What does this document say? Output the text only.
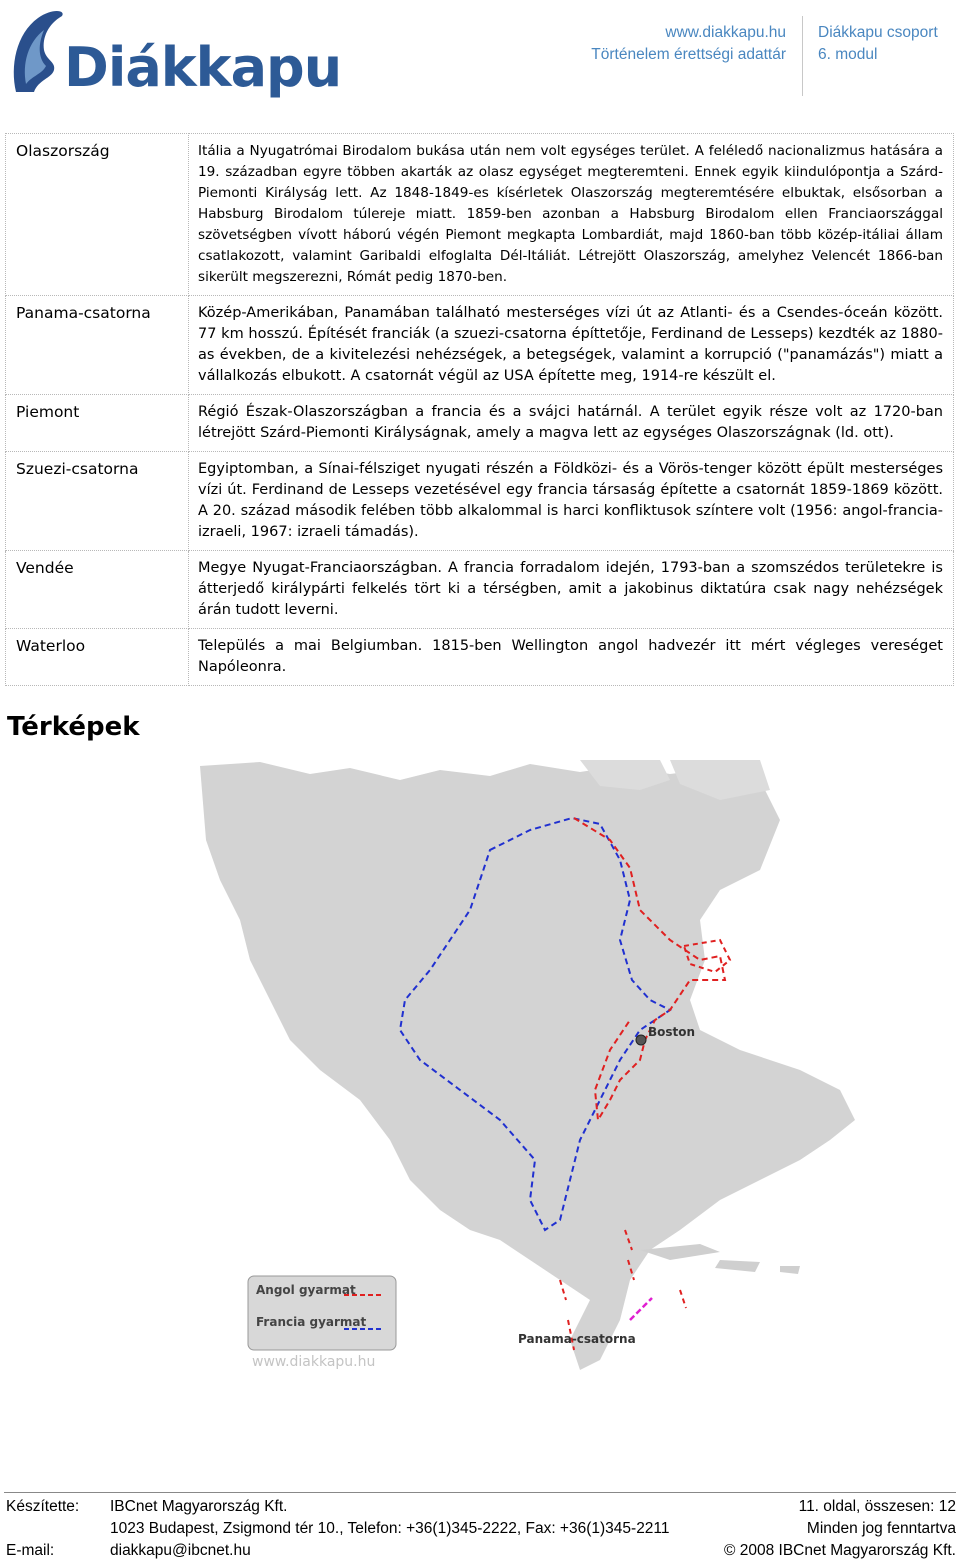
Diákkapu
www.diakkapu.hu
Történelem érettségi adattár
Diákkapu csoport
6. modul
Olaszország	Itália a Nyugatrómai Birodalom bukása után nem volt egységes terület. A feléledő nacionalizmus hatására a 19. században egyre többen akarták az olasz egységet megteremteni. Ennek egyik kiindulópontja a Szárd-Piemonti Királyság lett. Az 1848-1849-es kísérletek Olaszország megteremtésére elbuktak, elsősorban a Habsburg Birodalom túlereje miatt. 1859-ben azonban a Habsburg Birodalom ellen Franciaországgal szövetségben vívott háború végén Piemont megkapta Lombardiát, majd 1860-ban több közép-itáliai állam csatlakozott, valamint Garibaldi elfoglalta Dél-Itáliát. Létrejött Olaszország, amelyhez Velencét 1866-ban sikerült megszerezni, Rómát pedig 1870-ben.
Panama-csatorna	Közép-Amerikában, Panamában található mesterséges vízi út az Atlanti- és a Csendes-óceán között. 77 km hosszú. Építését franciák (a szuezi-csatorna építtetője, Ferdinand de Lesseps) kezdték az 1880-as években, de a kivitelezési nehézségek, a betegségek, valamint a korrupció ("panamázás") miatt a vállalkozás elbukott. A csatornát végül az USA építette meg, 1914-re készült el.
Piemont	Régió Észak-Olaszországban a francia és a svájci határnál. A terület egyik része volt az 1720-ban létrejött Szárd-Piemonti Királyságnak, amely a magva lett az egységes Olaszországnak (ld. ott).
Szuezi-csatorna	Egyiptomban, a Sínai-félsziget nyugati részén a Földközi- és a Vörös-tenger között épült mesterséges vízi út. Ferdinand de Lesseps vezetésével egy francia társaság építette a csatornát 1859-1869 között. A 20. század második felében több alkalommal is harci konfliktusok színtere volt (1956: angol-francia-izraeli, 1967: izraeli támadás).
Vendée	Megye Nyugat-Franciaországban. A francia forradalom idején, 1793-ban a szomszédos területekre is átterjedő királypárti felkelés tört ki a térségben, amit a jakobinus diktatúra csak nagy nehézségek árán tudott leverni.
Waterloo	Település a mai Belgiumban. 1815-ben Wellington angol hadvezér itt mért végleges vereséget Napóleonra.
Térképek
Boston
Panama-csatorna
Angol gyarmat
Francia gyarmat
www.diakkapu.hu
Készítette: IBCnet Magyarország Kft.
1023 Budapest, Zsigmond tér 10., Telefon: +36(1)345-2222, Fax: +36(1)345-2211
E-mail:	diakkapu@ibcnet.hu
11. oldal, összesen: 12
Minden jog fenntartva
© 2008 IBCnet Magyarország Kft.
